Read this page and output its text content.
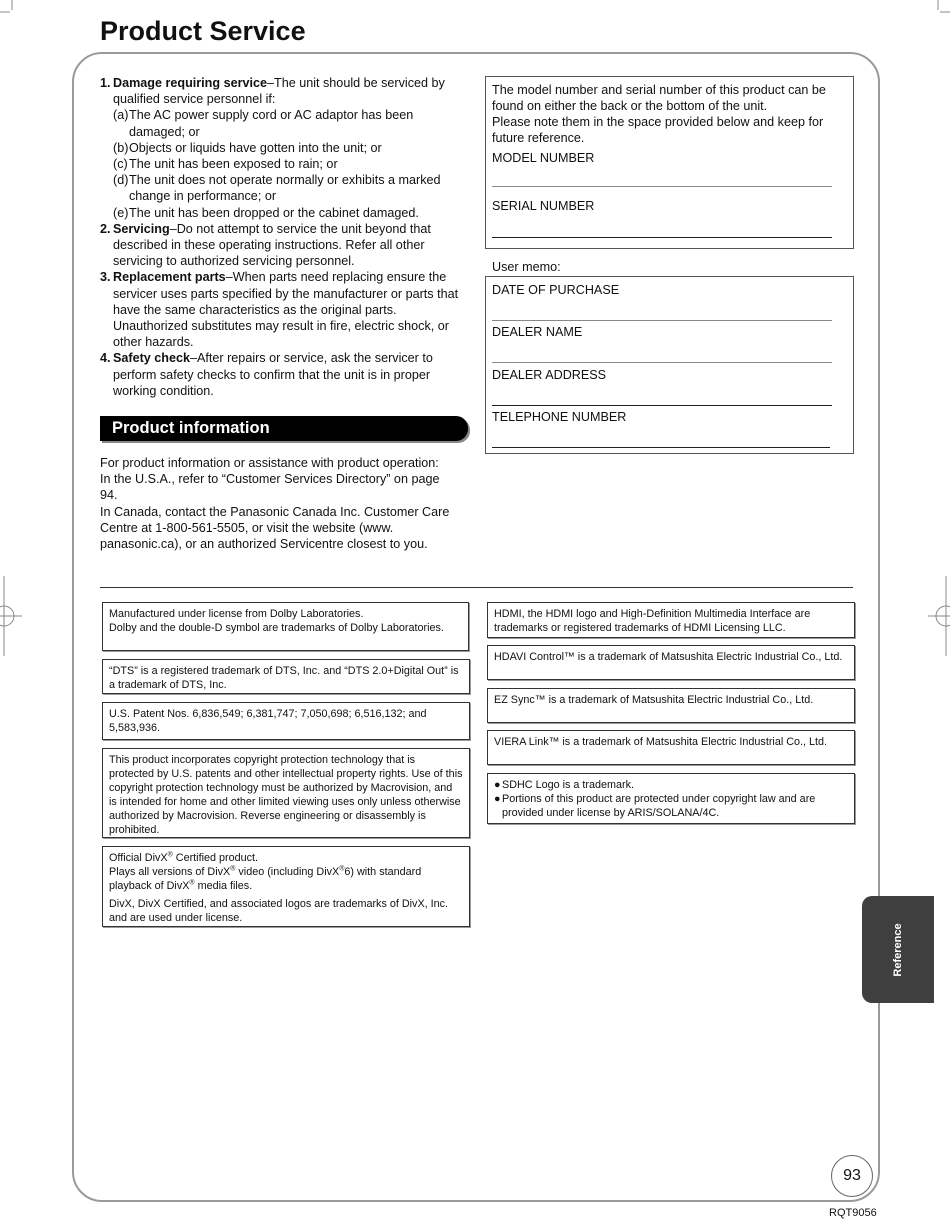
Product Service
1. Damage requiring service–The unit should be serviced by qualified service personnel if:
(a) The AC power supply cord or AC adaptor has been damaged; or
(b) Objects or liquids have gotten into the unit; or
(c) The unit has been exposed to rain; or
(d) The unit does not operate normally or exhibits a marked change in performance; or
(e) The unit has been dropped or the cabinet damaged.
2. Servicing–Do not attempt to service the unit beyond that described in these operating instructions. Refer all other servicing to authorized servicing personnel.
3. Replacement parts–When parts need replacing ensure the servicer uses parts specified by the manufacturer or parts that have the same characteristics as the original parts. Unauthorized substitutes may result in fire, electric shock, or other hazards.
4. Safety check–After repairs or service, ask the servicer to perform safety checks to confirm that the unit is in proper working condition.
Product information
For product information or assistance with product operation:
In the U.S.A., refer to “Customer Services Directory” on page 94.
In Canada, contact the Panasonic Canada Inc. Customer Care Centre at 1-800-561-5505, or visit the website (www. panasonic.ca), or an authorized Servicentre closest to you.
The model number and serial number of this product can be found on either the back or the bottom of the unit.
Please note them in the space provided below and keep for future reference.
MODEL NUMBER
SERIAL NUMBER
User memo:
DATE OF PURCHASE
DEALER NAME
DEALER ADDRESS
TELEPHONE NUMBER

Manufactured under license from Dolby Laboratories.

Dolby and the double-D symbol are trademarks of Dolby Laboratories.

“DTS” is a registered trademark of DTS, Inc. and “DTS 2.0+Digital Out” is a trademark of DTS, Inc.

U.S. Patent Nos. 6,836,549; 6,381,747; 7,050,698; 6,516,132; and 5,583,936.

This product incorporates copyright protection technology that is protected by U.S. patents and other intellectual property rights. Use of this copyright protection technology must be authorized by Macrovision, and is intended for home and other limited viewing uses only unless otherwise authorized by Macrovision. Reverse engineering or disassembly is prohibited.

Official DivX® Certified product.

Plays all versions of DivX® video (including DivX®6) with standard playback of DivX® media files.

DivX, DivX Certified, and associated logos are trademarks of DivX, Inc. and are used under license.

HDMI, the HDMI logo and High-Definition Multimedia Interface are trademarks or registered trademarks of HDMI Licensing LLC.

HDAVI Control™ is a trademark of Matsushita Electric Industrial Co., Ltd.

EZ Sync™ is a trademark of Matsushita Electric Industrial Co., Ltd.

VIERA Link™ is a trademark of Matsushita Electric Industrial Co., Ltd.

● SDHC Logo is a trademark.

● Portions of this product are protected under copyright law and are provided under license by ARIS/SOLANA/4C.

Reference
93
RQT9056
